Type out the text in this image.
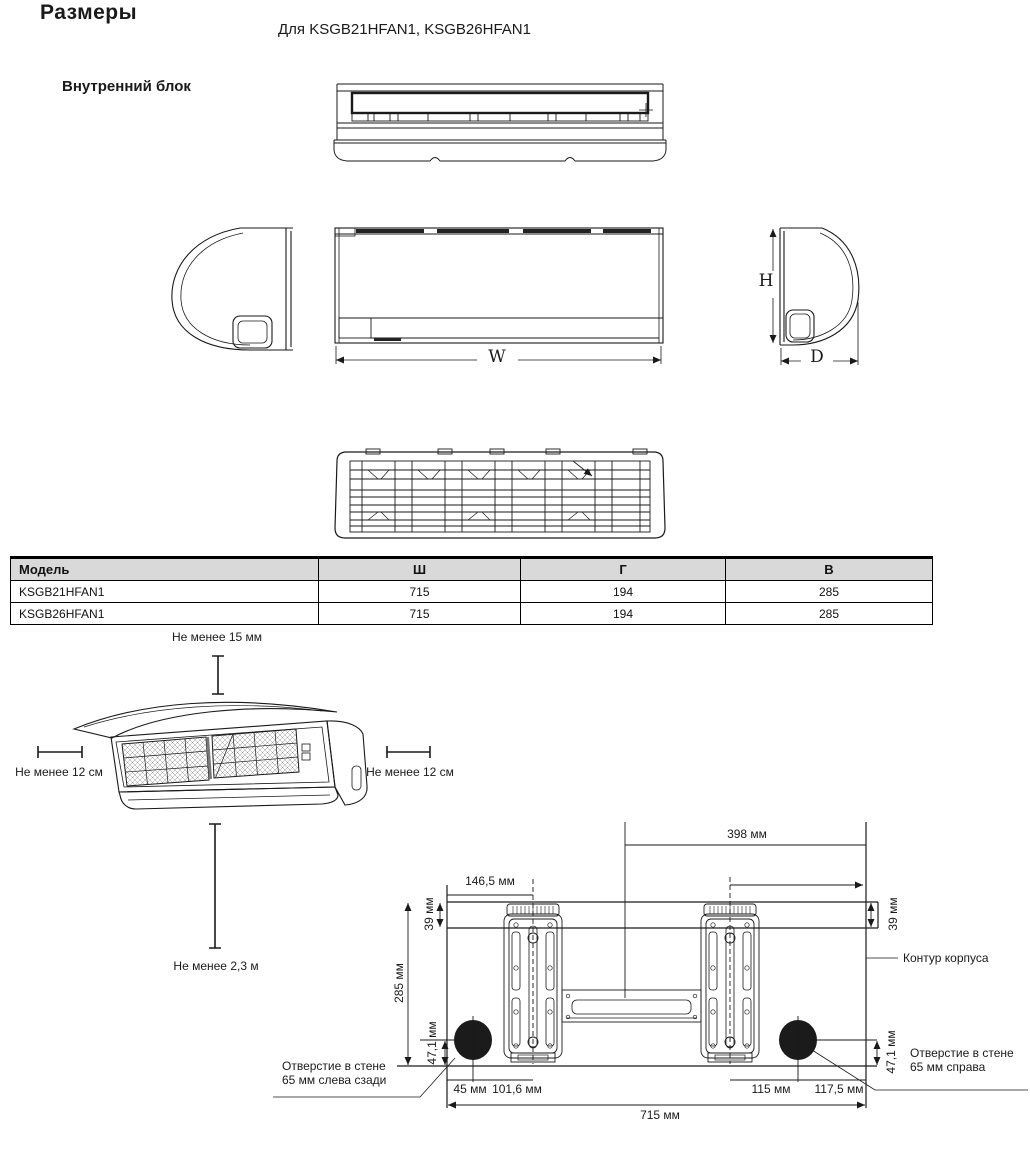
Размеры
Для KSGB21HFAN1, KSGB26HFAN1
Внутренний блок
W
H
D
Модель	Ш	Г	В
KSGB21HFAN1	715	194	285
KSGB26HFAN1	715	194	285
Не менее 15 мм
Не менее 12 см	Не менее 12 см
Не менее 2,3 м
398 мм
146,5 мм
39 мм	39 мм
285 мм
47,1 мм	47,1 мм
45 мм 101,6 мм	115 мм	117,5 мм
715 мм
Контур корпуса
Отверстие в стене
65 мм слева сзади
Отверстие в стене
65 мм справа
